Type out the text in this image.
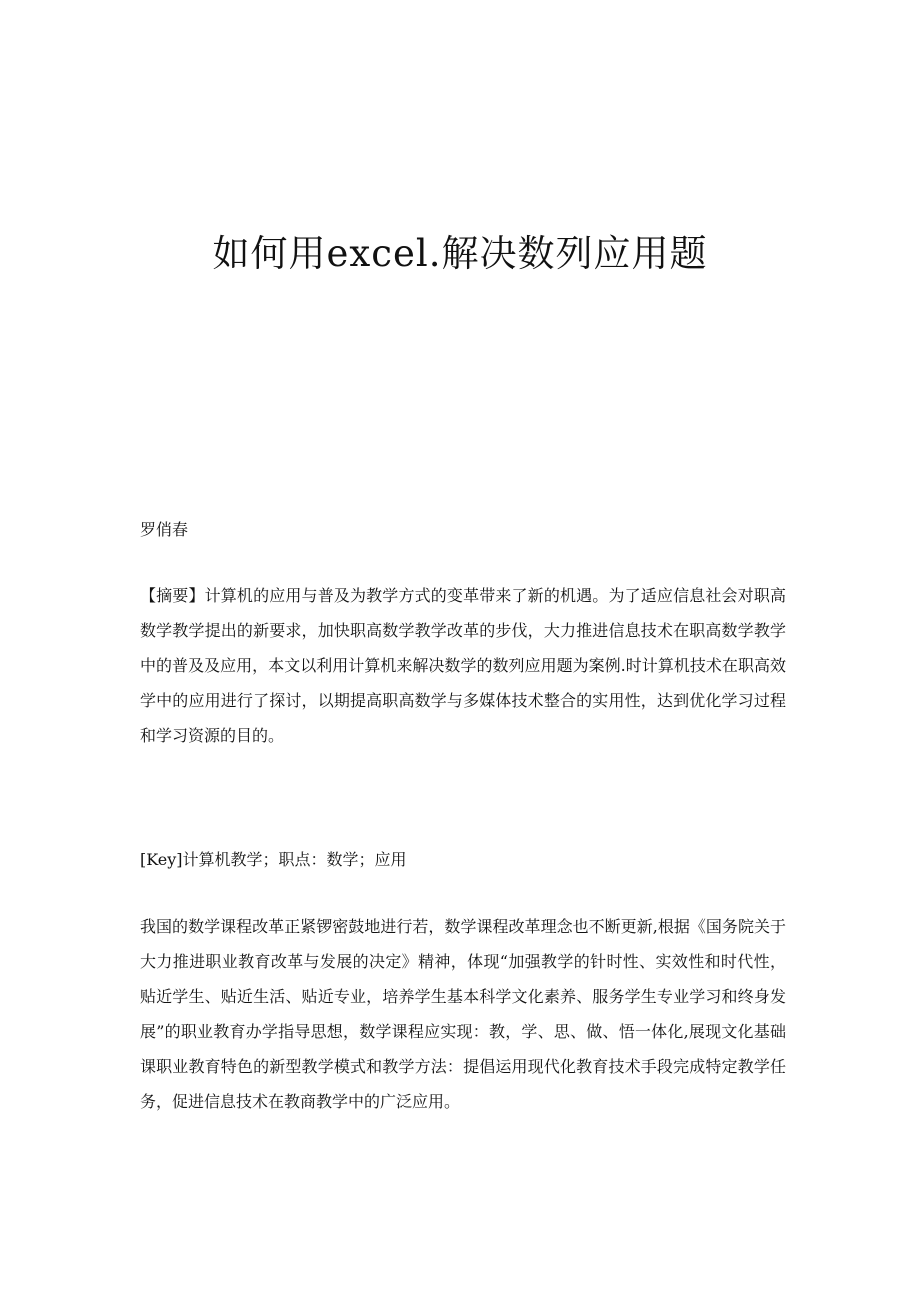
如何用excel.解决数列应用题

罗俏春

【摘要】计算机的应用与普及为教学方式的变革带来了新的机遇。为了适应信息社会对职高数学教学提出的新要求，加快职高数学教学改革的步伐，大力推进信息技术在职高数学教学中的普及及应用，本文以利用计算机来解决数学的数列应用题为案例.时计算机技术在职高效学中的应用进行了探讨，以期提高职高数学与多媒体技术整合的实用性，达到优化学习过程和学习资源的目的。

[Key]计算机教学；职点：数学；应用

我国的数学课程改革正紧锣密鼓地进行若，数学课程改革理念也不断更新,根据《国务院关于大力推进职业教育改革与发展的决定》精神，体现“加强教学的针时性、实效性和时代性，贴近学生、贴近生活、贴近专业，培养学生基本科学文化素养、服务学生专业学习和终身发展”的职业教育办学指导思想，数学课程应实现：教，学、思、做、悟一体化,展现文化基础课职业教育特色的新型教学模式和教学方法：提倡运用现代化教育技术手段完成特定教学任务，促进信息技术在教商教学中的广泛应用。
